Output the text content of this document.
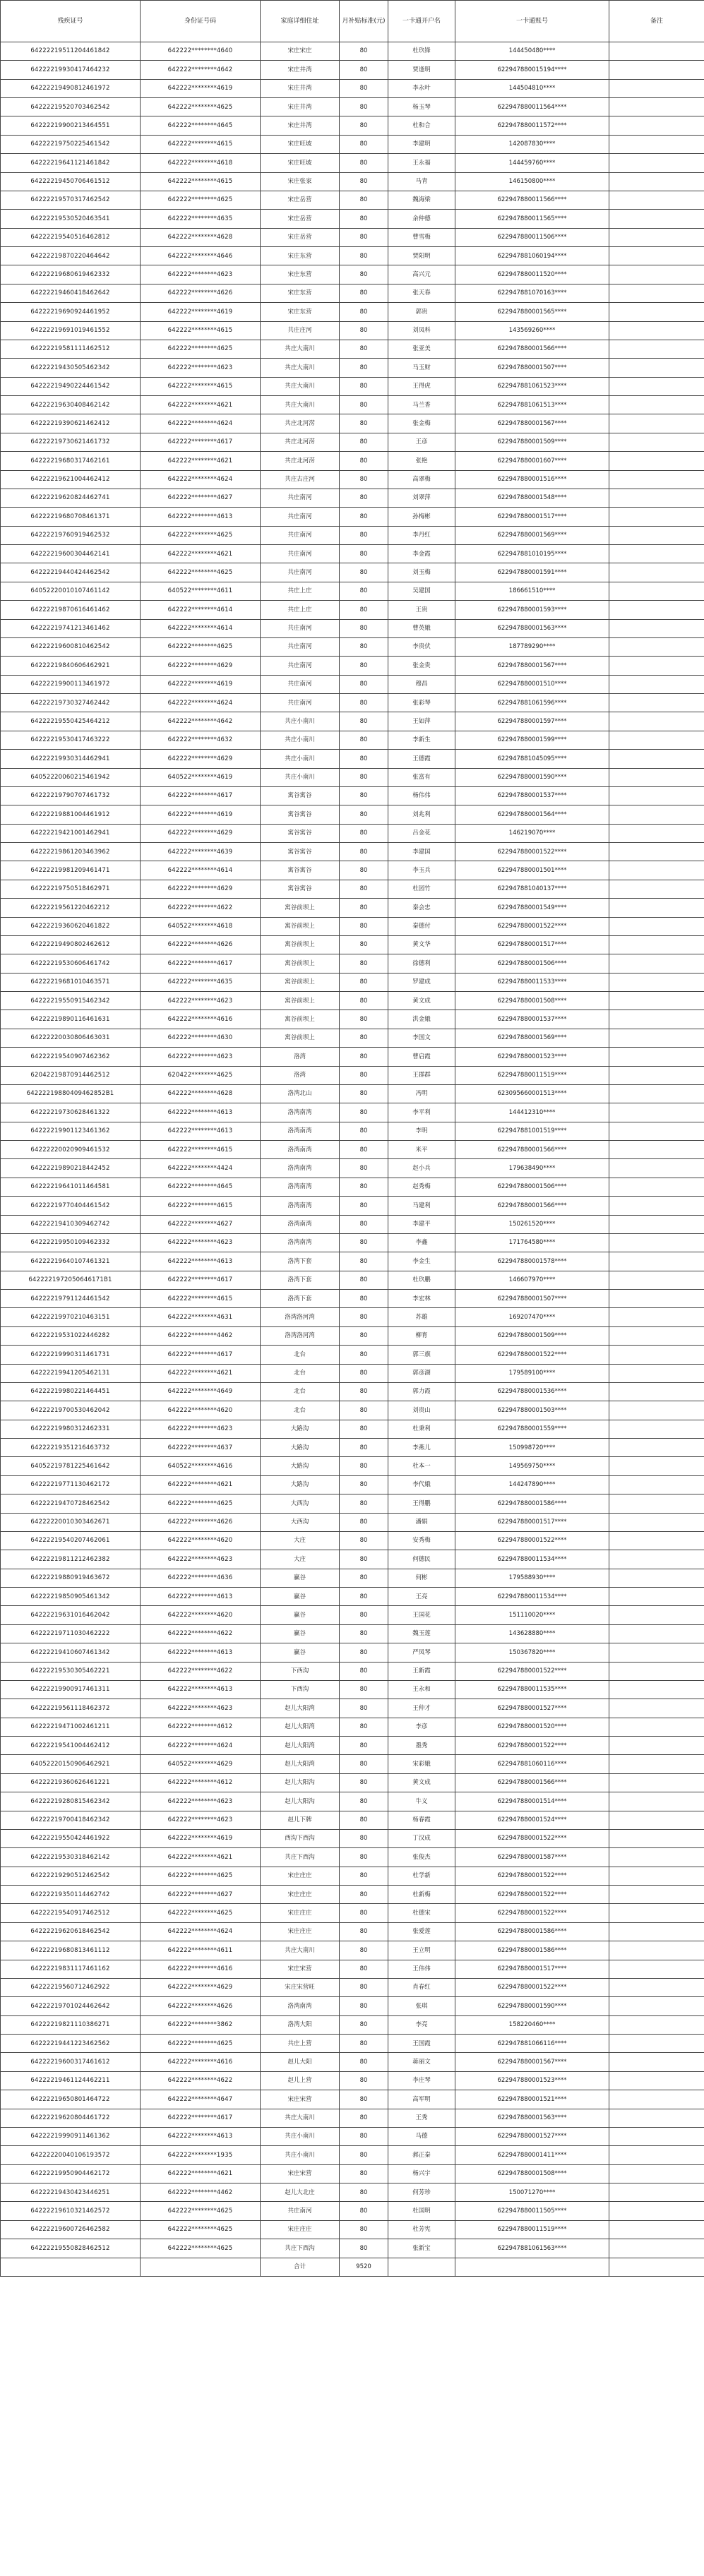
残疾证号	身份证号码	家庭详细住址	月补贴标准(元)	一卡通开户名	一卡通账号	备注
64222219511204461842	642222********4640	宋庄宋庄	80	杜玖锋	144450480****	
64222219930417464232	642222********4642	宋庄井湾	80	贾逢明	622947880015194****	
64222219490812461972	642222********4619	宋庄井湾	80	李永叶	144504810****	
64222219520703462542	642222********4625	宋庄井湾	80	杨玉琴	622947880011564****	
64222219900213464551	642222********4645	宋庄井湾	80	杜和合	622947880011572****	
64222219750225461542	642222********4615	宋庄旺坡	80	李建明	142087830****	
64222219641121461842	642222********4618	宋庄旺坡	80	王永福	144459760****	
64222219450706461512	642222********4615	宋庄张家	80	马青	146150800****	
64222219570317462542	642222********4625	宋庄岳营	80	魏海梁	622947880011566****	
64222219530520463541	642222********4635	宋庄岳营	80	余仲德	622947880011565****	
64222219540516462812	642222********4628	宋庄岳营	80	曹雪梅	622947880011506****	
64222219870220464642	642222********4646	宋庄东营	80	贾阳明	622947881060194****	
64222219680619462332	642222********4623	宋庄东营	80	高兴元	622947880011520****	
64222219460418462642	642222********4626	宋庄东营	80	张天春	622947881070163****	
64222219690924461952	642222********4619	宋庄东营	80	郭贵	622947880001565****	
64222219691019461552	642222********4615	共庄庄河	80	刘凤科	143569260****	
64222219581111462512	642222********4625	共庄大南川	80	张亚美	622947880001566****	
64222219430505462342	642222********4623	共庄大南川	80	马玉财	622947880001507****	
64222219490224461542	642222********4615	共庄大南川	80	王得虎	622947881061523****	
64222219630408462142	642222********4621	共庄大南川	80	马兰香	622947881061513****	
64222219390621462412	642222********4624	共庄北河涝	80	张金梅	622947880001567****	
64222219730621461732	642222********4617	共庄北河涝	80	王彦	622947880001509****	
64222219680317462161	642222********4621	共庄北河涝	80	张艳	622947880001607****	
64222219621004462412	642222********4624	共庄古庄河	80	高翠梅	622947880001516****	
64222219620824462741	642222********4627	共庄南河	80	刘翠萍	622947880001548****	
64222219680708461371	642222********4613	共庄南河	80	孙梅彬	622947880001517****	
64222219760919462532	642222********4625	共庄南河	80	李丹红	622947880001569****	
64222219600304462141	642222********4621	共庄南河	80	李金霞	622947881010195****	
64222219440424462542	642222********4625	共庄南河	80	刘玉梅	622947880001591****	
64052220010107461142	640522********4611	共庄上庄	80	吴建国	186661510****	
64222219870616461462	642222********4614	共庄上庄	80	王贵	622947880001593****	
64222219741213461462	642222********4614	共庄南河	80	曹英娥	622947880001563****	
64222219600810462542	642222********4625	共庄南河	80	李贵伏	187789290****	
64222219840606462921	642222********4629	共庄南河	80	张金贵	622947880001567****	
64222219900113461972	642222********4619	共庄南河	80	穆昌	622947880001510****	
64222219730327462442	642222********4624	共庄南河	80	张彩琴	622947881061596****	
64222219550425464212	642222********4642	共庄小南川	80	王如萍	622947880001597****	
64222219530417463222	642222********4632	共庄小南川	80	李新生	622947880001599****	
64222219930314462941	642222********4629	共庄小南川	80	王德霞	622947881045095****	
64052220060215461942	640522********4619	共庄小南川	80	张富有	622947880001590****	
64222219790707461732	642222********4617	寓谷寓谷	80	杨伟伟	622947880001537****	
64222219881004461912	642222********4619	寓谷寓谷	80	刘兆利	622947880001564****	
64222219421001462941	642222********4629	寓谷寓谷	80	吕金花	146219070****	
64222219861203463962	642222********4639	寓谷寓谷	80	李建国	622947880001522****	
64222219981209461471	642222********4614	寓谷寓谷	80	李玉兵	622947880001501****	
64222219750518462971	642222********4629	寓谷寓谷	80	杜园竹	622947881040137****	
64222219561220462212	642222********4622	寓谷前坝上	80	秦会忠	622947880001549****	
64222219360620461822	640522********4618	寓谷前坝上	80	秦德付	622947880001522****	
64222219490802462612	642222********4626	寓谷前坝上	80	黄文华	622947880001517****	
64222219530606461742	642222********4617	寓谷前坝上	80	徐德利	622947880001506****	
64222219681010463571	642222********4635	寓谷前坝上	80	罗建成	622947880011533****	
64222219550915462342	642222********4623	寓谷前坝上	80	黄文成	622947880001508****	
64222219890116461631	642222********4616	寓谷前坝上	80	洪金娥	622947880001537****	
64222220030806463031	642222********4630	寓谷前坝上	80	李国文	622947880001569****	
64222219540907462362	642222********4623	洛湾	80	曹启霞	622947880001523****	
62042219870914462512	620422********4625	洛湾	80	王群群	622947880011519****	
64222219880409462852B1	642222********4628	洛湾北山	80	冯明	623095660001513****	
64222219730628461322	642222********4613	洛湾南湾	80	李平利	144412310****	
64222219901123461362	642222********4613	洛湾南湾	80	李明	622947881001519****	
64222220020909461532	642222********4615	洛湾南湾	80	米平	622947880001566****	
64222219890218442452	642222********4424	洛湾南湾	80	赵小兵	179638490****	
64222219641011464581	642222********4645	洛湾南湾	80	赵秀梅	622947880001506****	
64222219770404461542	642222********4615	洛湾南湾	80	马建利	622947880001566****	
64222219410309462742	642222********4627	洛湾南湾	80	李建平	150261520****	
64222219950109462332	642222********4623	洛湾南湾	80	李鑫	171764580****	
64222219640107461321	642222********4613	洛湾下套	80	李金生	622947880001578****	
6422221972050646171B1	642222********4617	洛湾下套	80	杜玖鹏	146607970****	
64222219791124461542	642222********4615	洛湾下套	80	李宏林	622947880001507****	
64222219970210463151	642222********4631	洛湾洛河湾	80	苏雄	169207470****	
64222219531022446282	642222********4462	洛湾洛河湾	80	柳育	622947880001509****	
64222219990311461731	642222********4617	北台	80	郭三旗	622947880001522****	
64222219941205462131	642222********4621	北台	80	郭彦湖	179589100****	
64222219980221464451	642222********4649	北台	80	郭力霞	622947880001536****	
64222219700530462042	642222********4620	北台	80	刘贵山	622947880001503****	
64222219980312462331	642222********4623	大路沟	80	杜秉利	622947880001559****	
64222219351216463732	642222********4637	大路沟	80	李燕儿	150998720****	
64052219781225461642	640522********4616	大路沟	80	杜本一	149569750****	
64222219771130462172	642222********4621	大路沟	80	李代娥	144247890****	
64222219470728462542	642222********4625	大西沟	80	王得鹏	622947880001586****	
64222220010303462671	642222********4626	大西沟	80	潘娟	622947880001517****	
64222219540207462061	642222********4620	大庄	80	安秀梅	622947880001522****	
64222219811212462382	642222********4623	大庄	80	何德民	622947880011534****	
64222219880919463672	642222********4636	赢谷	80	何彬	179588930****	
64222219850905461342	642222********4613	赢谷	80	王亮	622947880011534****	
64222219631016462042	642222********4620	赢谷	80	王国花	151110020****	
64222219711030462222	642222********4622	赢谷	80	魏玉莲	143628880****	
64222219410607461342	642222********4613	赢谷	80	严凤琴	150367820****	
64222219530305462221	642222********4622	下西沟	80	王新霞	622947880001522****	
64222219900917461311	642222********4613	下西沟	80	王永和	622947880011535****	
64222219561118462372	642222********4623	赵儿大阳湾	80	王仲才	622947880001527****	
64222219471002461211	642222********4612	赵儿大阳湾	80	李彦	622947880001520****	
64222219541004462412	642222********4624	赵儿大阳湾	80	墨秀	622947880001522****	
64052220150906462921	640522********4629	赵儿大阳湾	80	宋彩娥	622947881060116****	
64222219360626461221	642222********4612	赵儿大阳沟	80	黄文成	622947880001566****	
64222219280815462342	642222********4623	赵儿大阳沟	80	牛义	622947880001514****	
64222219700418462342	642222********4623	赵儿下牌	80	杨春霞	622947880001524****	
64222219550424461922	642222********4619	西沟下西沟	80	丁汉成	622947880001522****	
64222219530318462142	642222********4621	共庄下西沟	80	张俊杰	622947880001587****	
64222219290512462542	642222********4625	宋庄庄庄	80	杜学新	622947880001522****	
64222219350114462742	642222********4627	宋庄庄庄	80	杜新梅	622947880001522****	
64222219540917462512	642222********4625	宋庄庄庄	80	杜德宋	622947880001522****	
64222219620618462542	642222********4624	宋庄庄庄	80	张爱莲	622947880001586****	
64222219680813461112	642222********4611	共庄大南川	80	王立明	622947880001586****	
64222219831117461162	642222********4616	宋庄宋营	80	王伟伟	622947880001517****	
64222219560712462922	642222********4629	宋庄宋营旺	80	肖春红	622947880001522****	
64222219701024462642	642222********4626	洛湾南湾	80	张琪	622947880001590****	
64222219821110386271	642222********3862	洛湾大阳	80	李亮	158220460****	
64222219441223462562	642222********4625	共庄上营	80	王国霞	622947881066116****	
64222219600317461612	642222********4616	赵儿大阳	80	蒋丽文	622947880001567****	
64222219461124462211	642222********4622	赵儿上营	80	李庄琴	622947880001523****	
64222219650801464722	642222********4647	宋庄宋营	80	高军明	622947880001521****	
64222219620804461722	642222********4617	共庄大南川	80	王秀	622947880001563****	
64222219990911461362	642222********4613	共庄小南川	80	马德	622947880001527****	
64222220040106193572	642222********1935	共庄小南川	80	郝正秦	622947880001411****	
64222219950904462172	642222********4621	宋庄宋营	80	杨兴宇	622947880001508****	
64222219430423446251	642222********4462	赵儿大北庄	80	何芳珍	150071270****	
64222219610321462572	642222********4625	共庄南河	80	杜国明	622947880011505****	
64222219600726462582	642222********4625	宋庄庄庄	80	杜芳宪	622947880011519****	
64222219550828462512	642222********4625	共庄下西沟	80	张新宝	622947881061563****	
		合计	9520			
